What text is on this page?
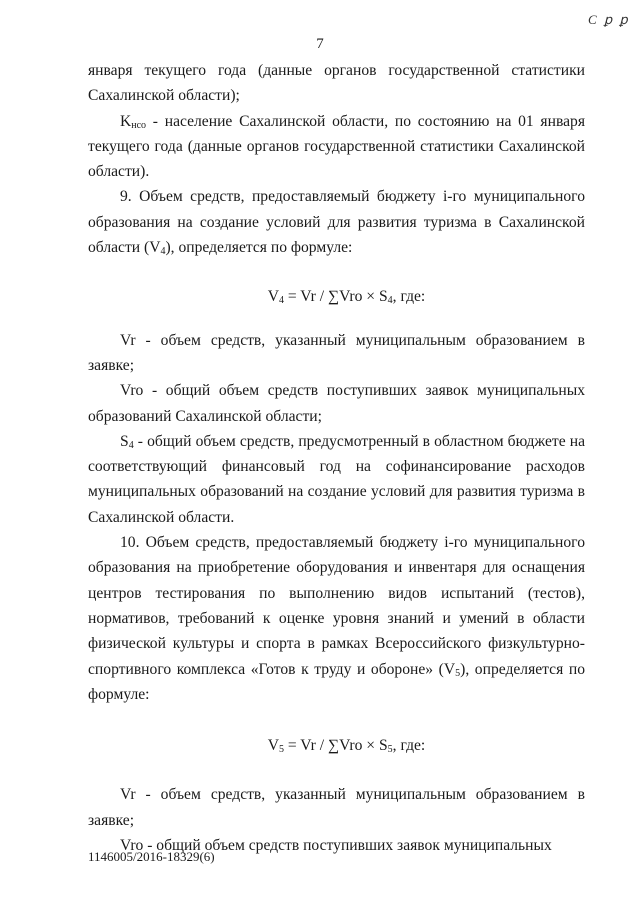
С ꝑ ꝑ
7

января текущего года (данные органов государственной статистики Сахалинской области);

$K_{нсо}$ - население Сахалинской области, по состоянию на 01 января текущего года (данные органов государственной статистики Сахалинской области).

9. Объем средств, предоставляемый бюджету i-го муниципального образования на создание условий для развития туризма в Сахалинской области $(V_4)$, определяется по формуле:

$V_4 = Vr / \sum Vro \times S_4$, где:

Vr - объем средств, указанный муниципальным образованием в заявке;

Vro - общий объем средств поступивших заявок муниципальных образований Сахалинской области;

$S_4$ - общий объем средств, предусмотренный в областном бюджете на соответствующий финансовый год на софинансирование расходов муниципальных образований на создание условий для развития туризма в Сахалинской области.

10. Объем средств, предоставляемый бюджету i-го муниципального образования на приобретение оборудования и инвентаря для оснащения центров тестирования по выполнению видов испытаний (тестов), нормативов, требований к оценке уровня знаний и умений в области физической культуры и спорта в рамках Всероссийского физкультурно-спортивного комплекса «Готов к труду и обороне» $(V_5)$, определяется по формуле:

$V_5 = Vr / \sum Vro \times S_5$, где:

Vr - объем средств, указанный муниципальным образованием в заявке;

Vro - общий объем средств поступивших заявок муниципальных

1146005/2016-18329(6)
